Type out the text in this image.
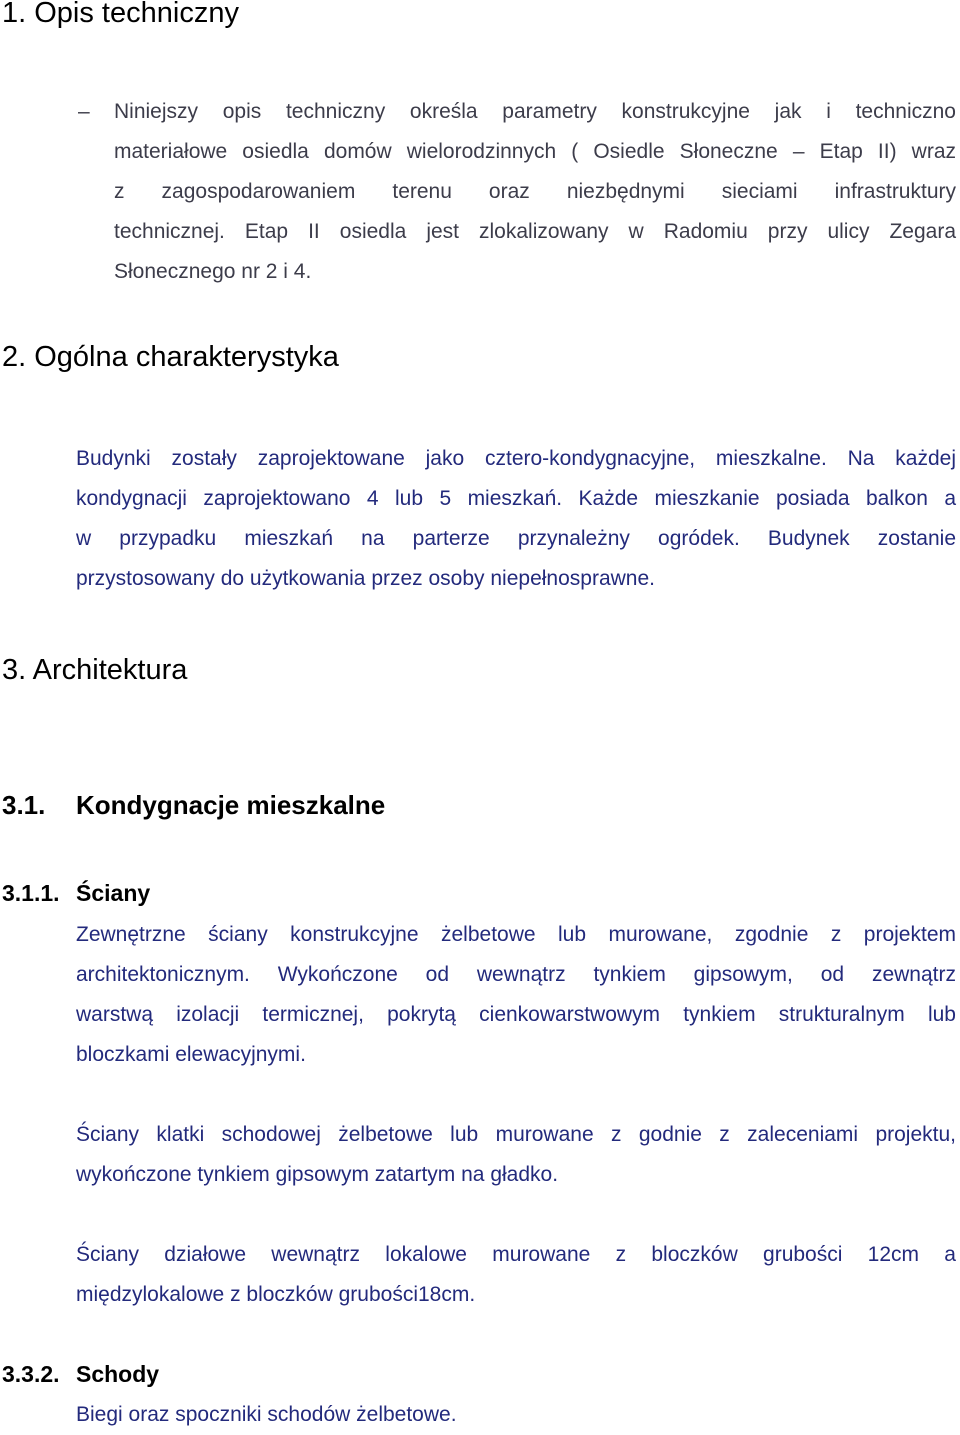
1. Opis techniczny
– Niniejszy opis techniczny określa parametry konstrukcyjne jak i techniczno
materiałowe osiedla domów wielorodzinnych ( Osiedle Słoneczne – Etap II) wraz
z zagospodarowaniem terenu oraz niezbędnymi sieciami infrastruktury
technicznej. Etap II osiedla jest zlokalizowany w Radomiu przy ulicy Zegara
Słonecznego nr 2 i 4.
2. Ogólna charakterystyka
Budynki zostały zaprojektowane jako cztero-kondygnacyjne, mieszkalne. Na każdej
kondygnacji zaprojektowano 4 lub 5 mieszkań. Każde mieszkanie posiada balkon a
w przypadku mieszkań na parterze przynależny ogródek. Budynek zostanie
przystosowany do użytkowania przez osoby niepełnosprawne.
3. Architektura
3.1. Kondygnacje mieszkalne
3.1.1. Ściany
Zewnętrzne ściany konstrukcyjne żelbetowe lub murowane, zgodnie z projektem
architektonicznym. Wykończone od wewnątrz tynkiem gipsowym, od zewnątrz
warstwą izolacji termicznej, pokrytą cienkowarstwowym tynkiem strukturalnym lub
bloczkami elewacyjnymi.
Ściany klatki schodowej żelbetowe lub murowane z godnie z zaleceniami projektu,
wykończone tynkiem gipsowym zatartym na gładko.
Ściany działowe wewnątrz lokalowe murowane z bloczków grubości 12cm a
międzylokalowe z bloczków grubości18cm.
3.3.2. Schody
Biegi oraz spoczniki schodów żelbetowe.
